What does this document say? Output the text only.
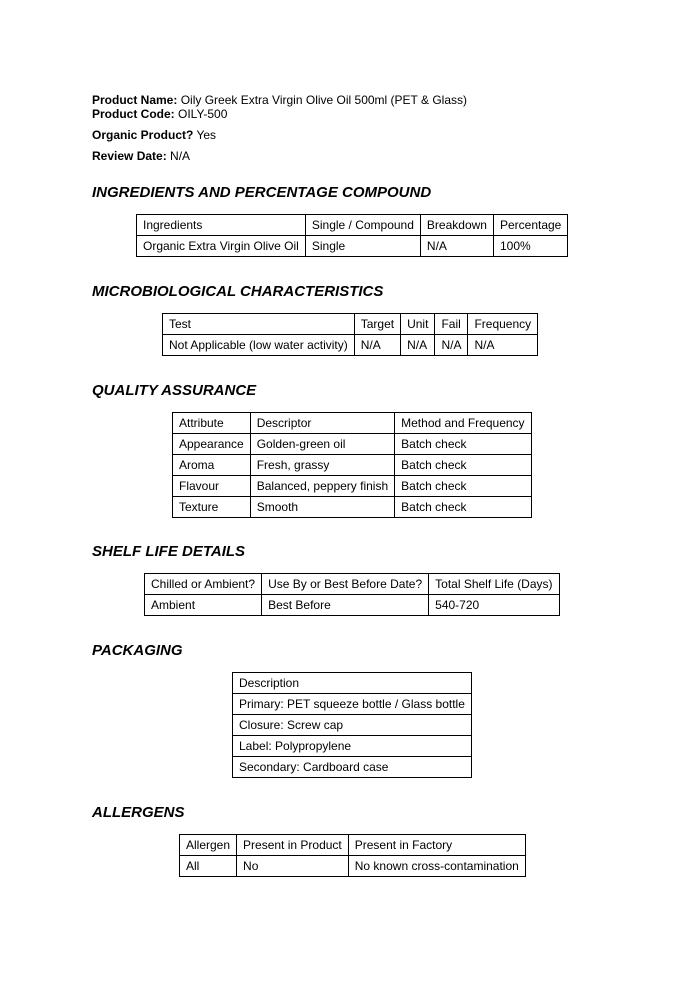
Product Name: Oily Greek Extra Virgin Olive Oil 500ml (PET & Glass)
Product Code: OILY-500
Organic Product? Yes
Review Date: N/A
INGREDIENTS AND PERCENTAGE COMPOUND
Ingredients	Single / Compound	Breakdown	Percentage
Organic Extra Virgin Olive Oil	Single	N/A	100%
MICROBIOLOGICAL CHARACTERISTICS
Test	Target	Unit	Fail	Frequency
Not Applicable (low water activity)	N/A	N/A	N/A	N/A
QUALITY ASSURANCE
Attribute	Descriptor	Method and Frequency
Appearance	Golden-green oil	Batch check
Aroma	Fresh, grassy	Batch check
Flavour	Balanced, peppery finish	Batch check
Texture	Smooth	Batch check
SHELF LIFE DETAILS
Chilled or Ambient?	Use By or Best Before Date?	Total Shelf Life (Days)
Ambient	Best Before	540-720
PACKAGING
Description
Primary: PET squeeze bottle / Glass bottle
Closure: Screw cap
Label: Polypropylene
Secondary: Cardboard case
ALLERGENS
Allergen	Present in Product	Present in Factory
All	No	No known cross-contamination
